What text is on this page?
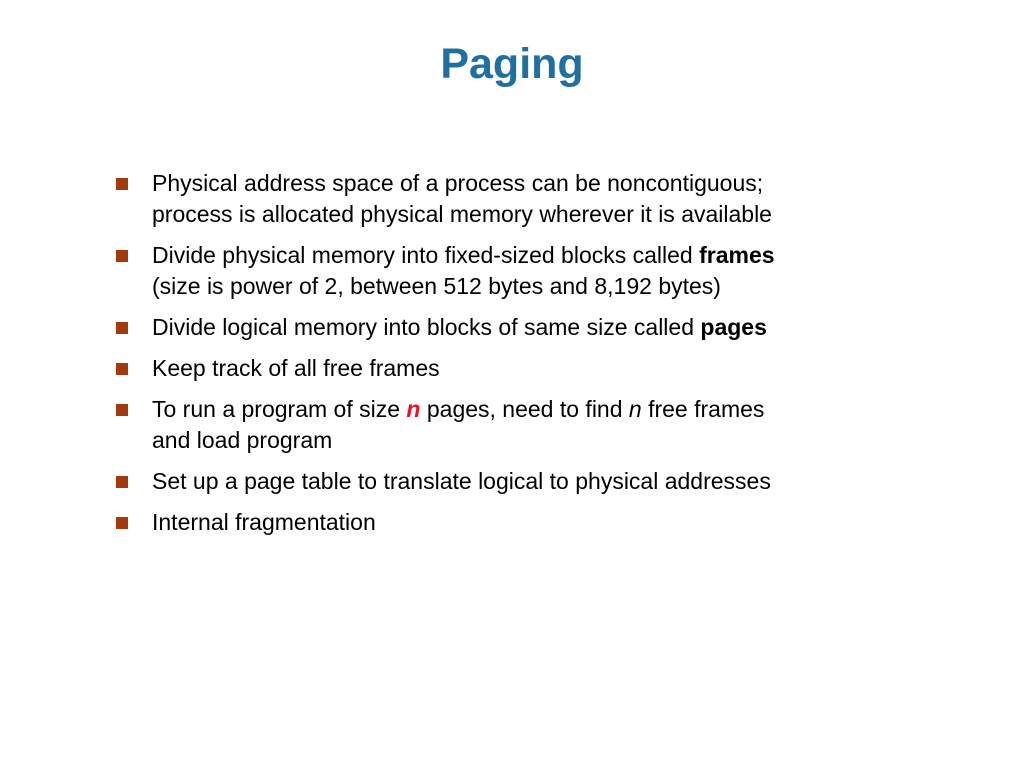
Paging
Physical address space of a process can be noncontiguous;
process is allocated physical memory wherever it is available
Divide physical memory into fixed-sized blocks called frames
(size is power of 2, between 512 bytes and 8,192 bytes)
Divide logical memory into blocks of same size called pages
Keep track of all free frames
To run a program of size n pages, need to find n free frames
and load program
Set up a page table to translate logical to physical addresses
Internal fragmentation
